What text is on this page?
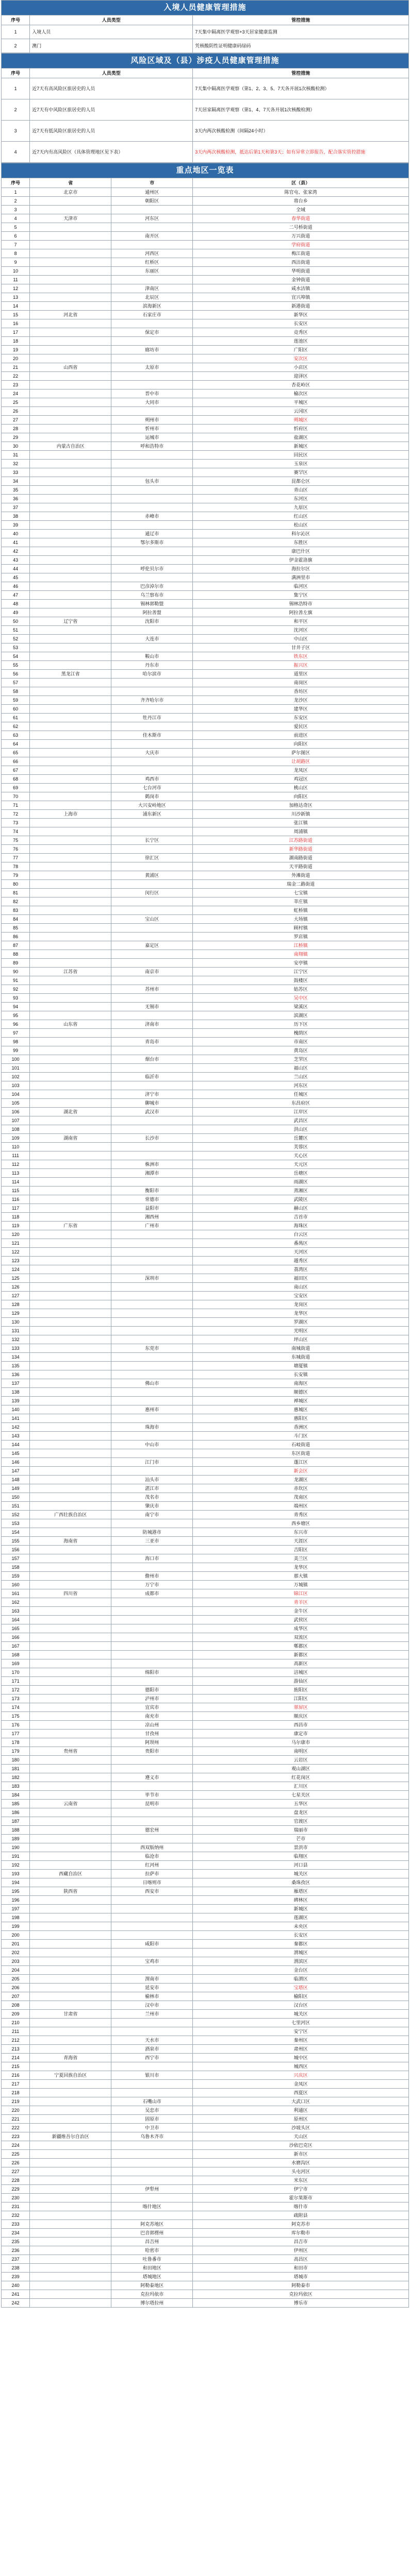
入境人员健康管理措施
序号	人员类型	管控措施
1	入境人员	7天集中隔离医学观察+3天居家健康监测
2	澳门	凭核酸阴性证明健康码绿码
风险区域及（县）涉疫人员健康管理措施
序号	人员类型	管控措施
1	近7天有高风险区旅居史的人员	7天集中隔离医学观察（第1、2、3、5、7天各开展1次核酸检测）
2	近7天有中风险区旅居史的人员	7天居家隔离医学观察（第1、4、7天各开展1次核酸检测）
3	近7天有低风险区旅居史的人员	3天内两次核酸检测（间隔24小时）
4	近7天内有高风险区（具体管理地区见下表）	3天内两次核酸检测，抵达后第1天和第3天；如有异常立即报告，配合落实管控措施
重点地区一览表
序号	省	市	区（县）
1	北京市	通州区	陈官屯、张家湾
2		朝阳区	将台乡
3			全域
4	天津市	河东区	春华街道
5			二号桥街道
6		南开区	万兴街道
7			学府街道
8		河西区	梅江街道
9		红桥区	西沽街道
10		东丽区	华明街道
11			金钟街道
12		津南区	咸水沽镇
13		北辰区	宜兴埠镇
14		滨海新区	新港街道
15	河北省	石家庄市	新华区
16			长安区
17		保定市	竞秀区
18			莲池区
19		廊坊市	广阳区
20			安次区
21	山西省	太原市	小店区
22			迎泽区
23			杏花岭区
24		晋中市	榆次区
25		大同市	平城区
26			云冈区
27		朔州市	朔城区
28		忻州市	忻府区
29		运城市	盐湖区
30	内蒙古自治区	呼和浩特市	新城区
31			回民区
32			玉泉区
33			赛罕区
34		包头市	昆都仑区
35			青山区
36			东河区
37			九原区
38		赤峰市	红山区
39			松山区
40		通辽市	科尔沁区
41		鄂尔多斯市	东胜区
42			康巴什区
43			伊金霍洛旗
44		呼伦贝尔市	海拉尔区
45			满洲里市
46		巴彦淖尔市	临河区
47		乌兰察布市	集宁区
48		锡林郭勒盟	锡林浩特市
49		阿拉善盟	阿拉善左旗
50	辽宁省	沈阳市	和平区
51			沈河区
52		大连市	中山区
53			甘井子区
54		鞍山市	铁东区
55		丹东市	振兴区
56	黑龙江省	哈尔滨市	道里区
57			南岗区
58			香坊区
59		齐齐哈尔市	龙沙区
60			建华区
61		牡丹江市	东安区
62			爱民区
63		佳木斯市	前进区
64			向阳区
65		大庆市	萨尔图区
66			让胡路区
67			龙凤区
68		鸡西市	鸡冠区
69		七台河市	桃山区
70		鹤岗市	向阳区
71		大兴安岭地区	加格达奇区
72	上海市	浦东新区	川沙新镇
73			张江镇
74			周浦镇
75		长宁区	江苏路街道
76			新华路街道
77		徐汇区	湖南路街道
78			天平路街道
79		黄浦区	外滩街道
80			瑞金二路街道
81		闵行区	七宝镇
82			莘庄镇
83			虹桥镇
84		宝山区	大场镇
85			顾村镇
86			罗店镇
87		嘉定区	江桥镇
88			南翔镇
89			安亭镇
90	江苏省	南京市	江宁区
91			鼓楼区
92		苏州市	姑苏区
93			吴中区
94		无锡市	梁溪区
95			滨湖区
96	山东省	济南市	历下区
97			槐荫区
98		青岛市	市南区
99			黄岛区
100		烟台市	芝罘区
101			福山区
102		临沂市	兰山区
103			河东区
104		济宁市	任城区
105		聊城市	东昌府区
106	湖北省	武汉市	江岸区
107			武昌区
108			洪山区
109	湖南省	长沙市	岳麓区
110			芙蓉区
111			天心区
112		株洲市	天元区
113		湘潭市	岳塘区
114			雨湖区
115		衡阳市	蒸湘区
116		常德市	武陵区
117		益阳市	赫山区
118		湘西州	吉首市
119	广东省	广州市	海珠区
120			白云区
121			番禺区
122			天河区
123			越秀区
124			荔湾区
125		深圳市	福田区
126			南山区
127			宝安区
128			龙岗区
129			龙华区
130			罗湖区
131			光明区
132			坪山区
133		东莞市	南城街道
134			东城街道
135			塘厦镇
136			长安镇
137		佛山市	南海区
138			顺德区
139			禅城区
140		惠州市	惠城区
141			惠阳区
142		珠海市	香洲区
143			斗门区
144		中山市	石岐街道
145			东区街道
146		江门市	蓬江区
147			新会区
148		汕头市	龙湖区
149		湛江市	赤坎区
150		茂名市	茂南区
151		肇庆市	端州区
152	广西壮族自治区	南宁市	青秀区
153			西乡塘区
154		防城港市	东兴市
155	海南省	三亚市	天涯区
156			吉阳区
157		海口市	美兰区
158			龙华区
159		儋州市	那大镇
160		万宁市	万城镇
161	四川省	成都市	锦江区
162			青羊区
163			金牛区
164			武侯区
165			成华区
166			双流区
167			郫都区
168			新都区
169			高新区
170		绵阳市	涪城区
171			游仙区
172		德阳市	旌阳区
173		泸州市	江阳区
174		宜宾市	翠屏区
175		南充市	顺庆区
176		凉山州	西昌市
177		甘孜州	康定市
178		阿坝州	马尔康市
179	贵州省	贵阳市	南明区
180			云岩区
181			观山湖区
182		遵义市	红花岗区
183			汇川区
184		毕节市	七星关区
185	云南省	昆明市	五华区
186			盘龙区
187			官渡区
188		德宏州	瑞丽市
189			芒市
190		西双版纳州	景洪市
191		临沧市	临翔区
192		红河州	河口县
193	西藏自治区	拉萨市	城关区
194		日喀则市	桑珠孜区
195	陕西省	西安市	雁塔区
196			碑林区
197			新城区
198			莲湖区
199			未央区
200			长安区
201		咸阳市	秦都区
202			渭城区
203		宝鸡市	渭滨区
204			金台区
205		渭南市	临渭区
206		延安市	宝塔区
207		榆林市	榆阳区
208		汉中市	汉台区
209	甘肃省	兰州市	城关区
210			七里河区
211			安宁区
212		天水市	秦州区
213		酒泉市	肃州区
214	青海省	西宁市	城中区
215			城西区
216	宁夏回族自治区	银川市	兴庆区
217			金凤区
218			西夏区
219		石嘴山市	大武口区
220		吴忠市	利通区
221		固原市	原州区
222		中卫市	沙坡头区
223	新疆维吾尔自治区	乌鲁木齐市	天山区
224			沙依巴克区
225			新市区
226			水磨沟区
227			头屯河区
228			米东区
229		伊犁州	伊宁市
230			霍尔果斯市
231		喀什地区	喀什市
232			疏附县
233		阿克苏地区	阿克苏市
234		巴音郭楞州	库尔勒市
235		昌吉州	昌吉市
236		哈密市	伊州区
237		吐鲁番市	高昌区
238		和田地区	和田市
239		塔城地区	塔城市
240		阿勒泰地区	阿勒泰市
241		克拉玛依市	克拉玛依区
242		博尔塔拉州	博乐市
